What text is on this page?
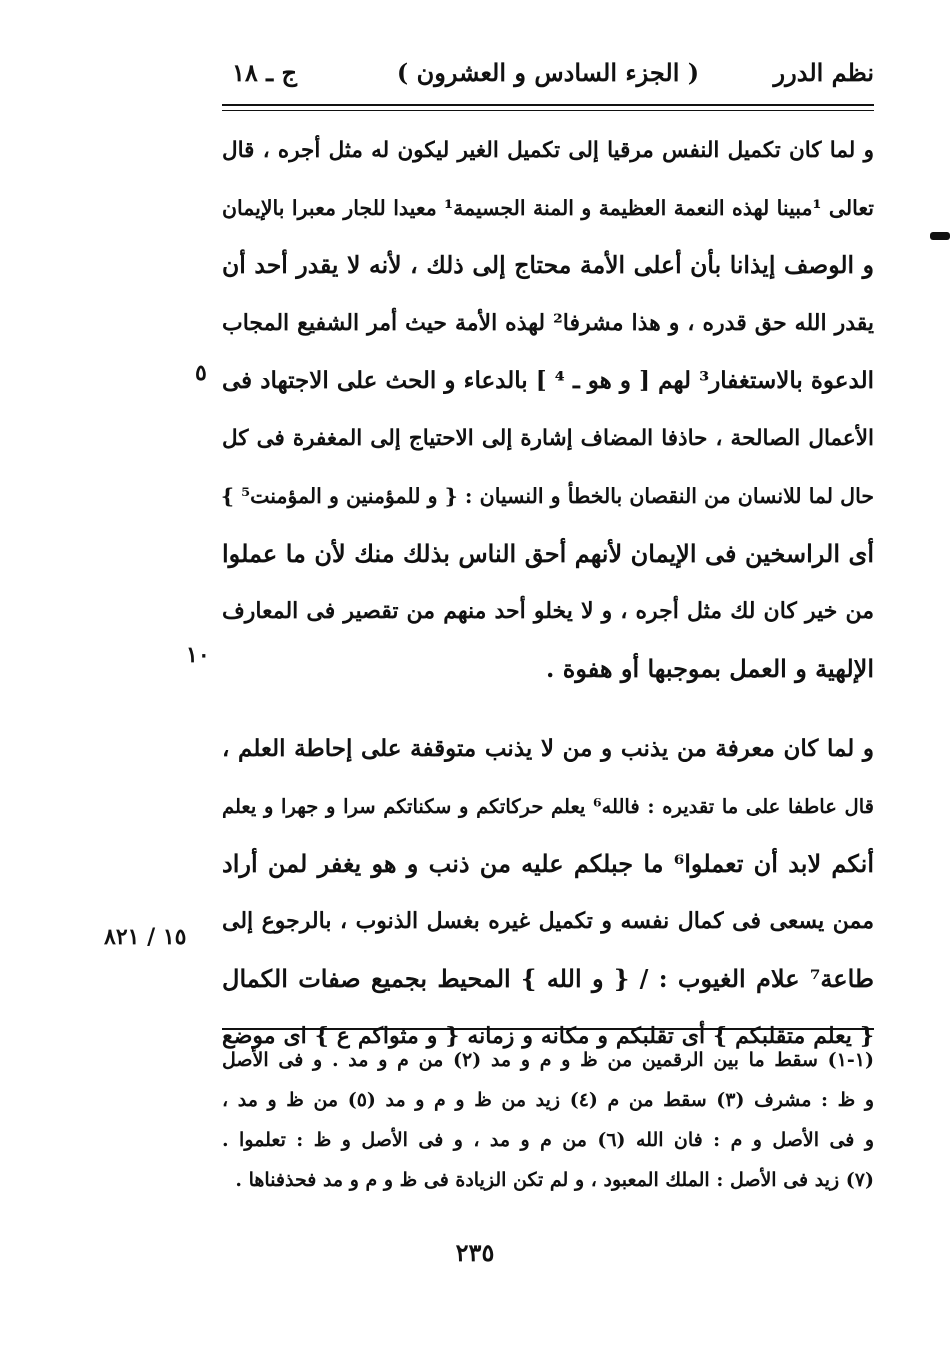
نظم الدرر
( الجزء السادس و العشرون )
ج ـ ١٨
و لما كان تكميل النفس مرقيا إلى تكميل الغير ليكون له مثل أجره ، قال
تعالى ¹مبينا لهذه النعمة العظيمة و المنة الجسيمة¹ معيدا للجار معبرا بالإيمان
و الوصف إيذانا بأن أعلى الأمة محتاج إلى ذلك ، لأنه لا يقدر أحد أن
يقدر الله حق قدره ، و هذا مشرفا² لهذه الأمة حيث أمر الشفيع المجاب
الدعوة بالاستغفار³ لهم [ و هو ـ ⁴ ] بالدعاء و الحث على الاجتهاد فى
الأعمال الصالحة ، حاذفا المضاف إشارة إلى الاحتياج إلى المغفرة فى كل
حال لما للانسان من النقصان بالخطأ و النسيان : { و للمؤمنين و المؤمنت⁵ }
أى الراسخين فى الإيمان لأنهم أحق الناس بذلك منك لأن ما عملوا
من خير كان لك مثل أجره ، و لا يخلو أحد منهم من تقصير فى المعارف
الإلهية و العمل بموجبها أو هفوة .
و لما كان معرفة من يذنب و من لا يذنب متوقفة على إحاطة العلم ،
قال عاطفا على ما تقديره : فالله⁶ يعلم حركاتكم و سكناتكم سرا و جهرا و يعلم
أنكم لابد أن تعملوا⁶ ما جبلكم عليه من ذنب و هو يغفر لمن أراد
ممن يسعى فى كمال نفسه و تكميل غيره بغسل الذنوب ، بالرجوع إلى
طاعة⁷ علام الغيوب : / { و الله } المحيط بجميع صفات الكمال
{ يعلم متقلبكم } أى تقلبكم و مكانه و زمانه { و مثواكم ع } اى موضع
٥
١٠
١٥ / ٨٢١
(١-١) سقط ما بين الرقمين من ظ و م و مد (٢) من م و مد . و فى الأصل
و ظ : مشرف (٣) سقط من م (٤) زيد من ظ و م و مد (٥) من ظ و مد ،
و فى الأصل و م : فان الله (٦) من م و مد ، و فى الأصل و ظ : تعلموا .
(٧) زيد فى الأصل : الملك المعبود ، و لم تكن الزيادة فى ظ و م و مد فحذفناها .
٢٣٥
